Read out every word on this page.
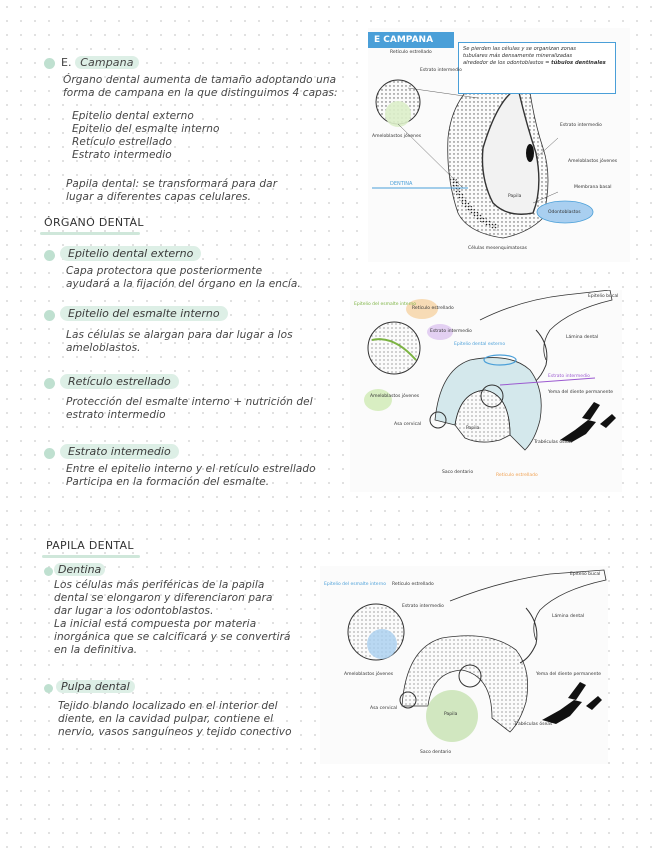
E. Campana
Órgano dental aumenta de tamaño adoptando una
forma de campana en la que distinguimos 4 capas:
Epitelio dental externo
Epitelio del esmalte interno
Retículo estrellado
Estrato intermedio
Papila dental: se transformará para dar
lugar a diferentes capas celulares.
ÓRGANO DENTAL
Epitelio dental externo
Capa protectora que posteriormente
ayudará a la fijación del órgano en la encía.
Epitelio del esmalte interno
Las células se alargan para dar lugar a los
ameloblastos.
Retículo estrellado
Protección del esmalte interno + nutrición del
estrato intermedio
Estrato intermedio
Entre el epitelio interno y el retículo estrellado
Participa en la formación del esmalte.
PAPILA DENTAL
Dentina
Los células más periféricas de la papila
dental se elongaron y diferenciaron para
dar lugar a los odontoblastos.
La inicial está compuesta por materia
inorgánica que se calcificará y se convertirá
en la definitiva.
Pulpa dental
Tejido blando localizado en el interior del
diente, en la cavidad pulpar, contiene el
nervio, vasos sanguíneos y tejido conectivo
E CAMPANA
Se pierden las células y se organizan zonas
tubulares más densamente mineralizadas
alrededor de los odontoblastos = túbulos dentinales
Retículo estrellado
Estrato intermedio
Ameloblastos jóvenes
Estrato intermedio
Ameloblastos jóvenes
Membrana basal
DENTINA
Papila
Odontoblastos
Células mesenquimatosas
Epitelio del esmalte interno
Retículo estrellado
Estrato intermedio
Epitelio dental externo
Epitelio bucal
Lámina dental
Estrato intermedio
Ameloblastos jóvenes
Yema del diente permanente
Asa cervical
Papila
Saco dentario
Retículo estrellado
Trabéculas óseas
Epitelio del esmalte interno Retículo estrellado
Estrato intermedio
Epitelio bucal
Lámina dental
Ameloblastos jóvenes	Yema del diente permanente
Asa cervical
Papila
Saco dentario
Trabéculas óseas
